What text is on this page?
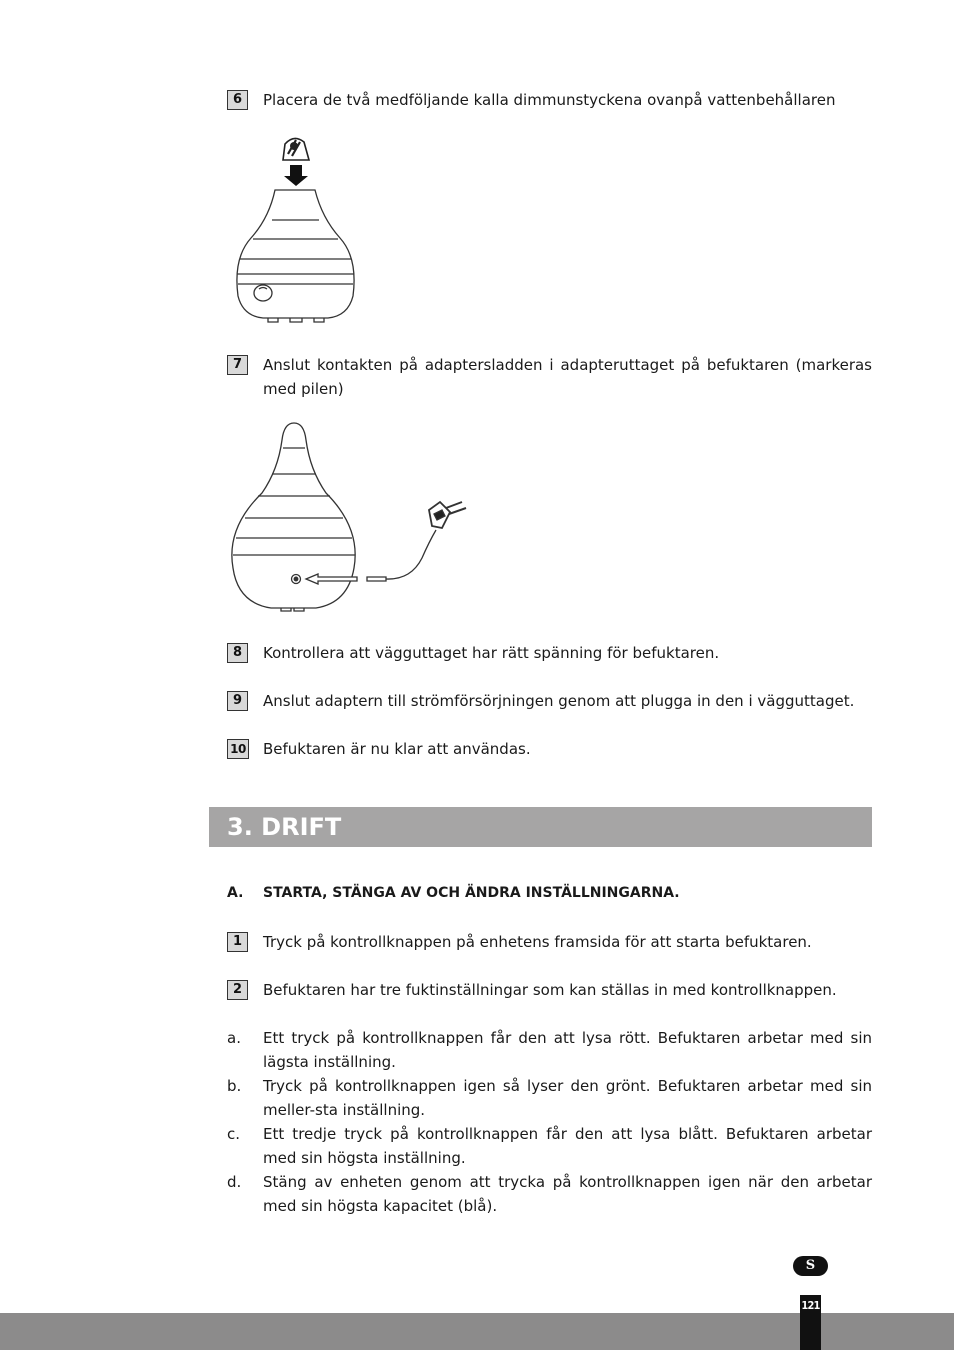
6	Placera de två medföljande kalla dimmunstyckena ovanpå vattenbehållaren
7	Anslut kontakten på adaptersladden i adapteruttaget på befuktaren (markeras med pilen)
8	Kontrollera att vägguttaget har rätt spänning för befuktaren.
9	Anslut adaptern till strömförsörjningen genom att plugga in den i vägguttaget.
10 Befuktaren är nu klar att användas.
3. DRIFT
A. STARTA, STÄNGA AV OCH ÄNDRA INSTÄLLNINGARNA.
1	Tryck på kontrollknappen på enhetens framsida för att starta befuktaren.
2	Befuktaren har tre fuktinställningar som kan ställas in med kontrollknappen.
a. Ett tryck på kontrollknappen får den att lysa rött. Befuktaren arbetar med sin lägsta inställning.
b. Tryck på kontrollknappen igen så lyser den grönt. Befuktaren arbetar med sin meller-sta inställning.
c. Ett tredje tryck på kontrollknappen får den att lysa blått. Befuktaren arbetar med sin högsta inställning.
d. Stäng av enheten genom att trycka på kontrollknappen igen när den arbetar med sin högsta kapacitet (blå).
S
121
